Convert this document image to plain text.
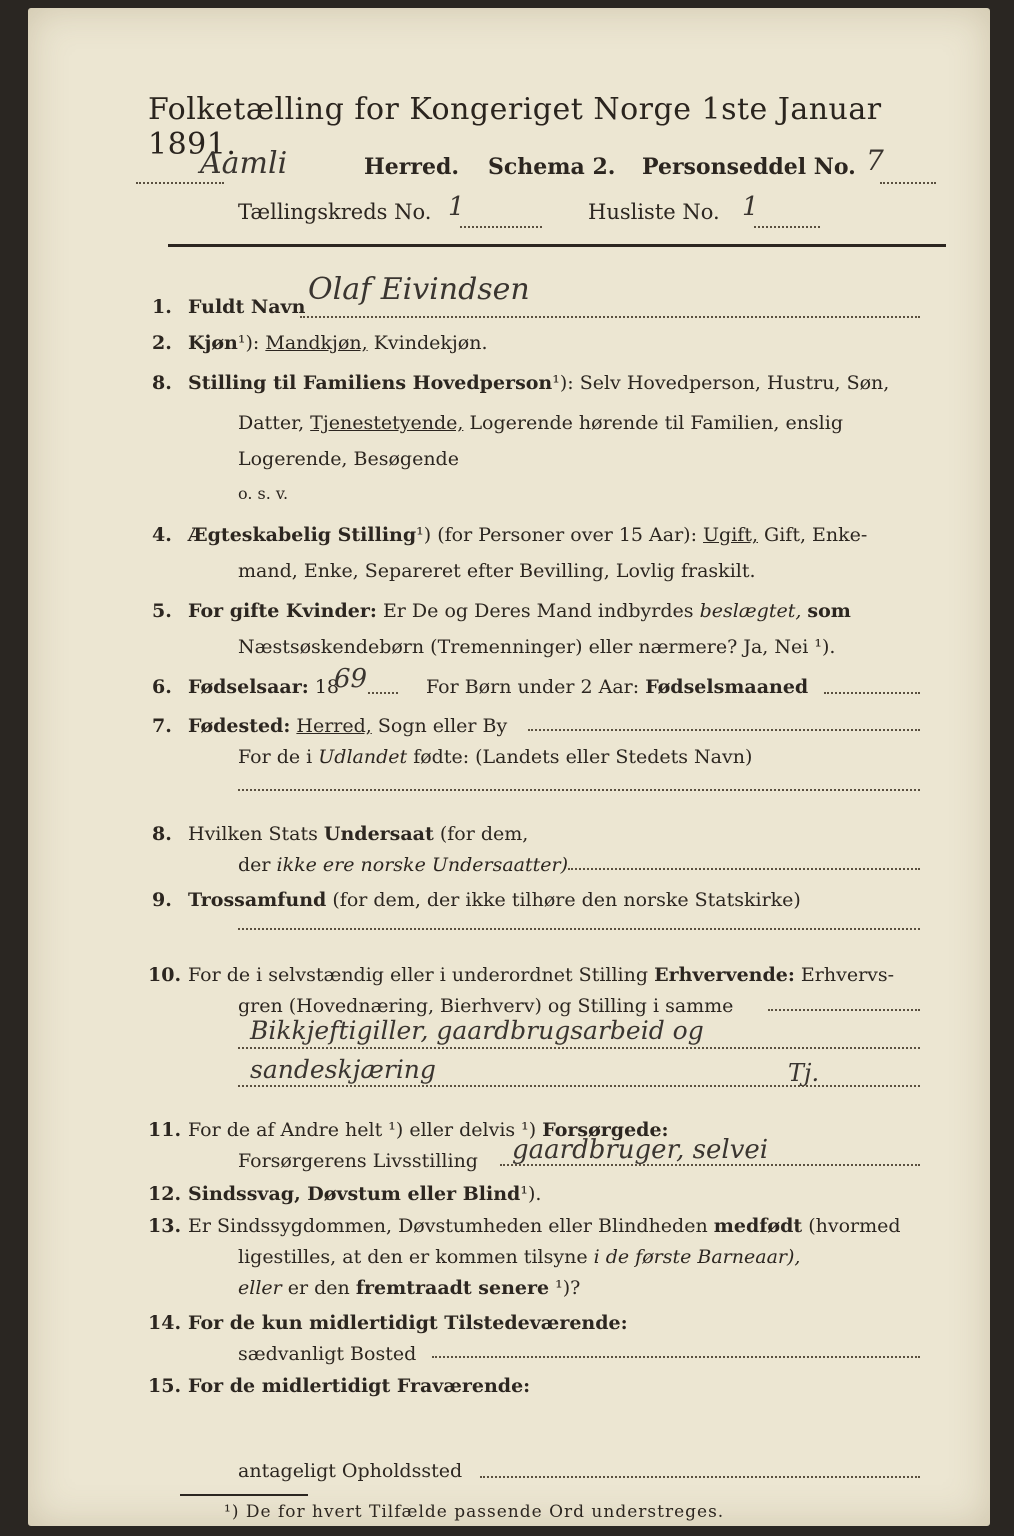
Folketælling for Kongeriget Norge 1ste Januar 1891.
Aamli	Herred. Schema 2. Personseddel No. 7
Tællingskreds No. 1	Husliste No. 1
1. Fuldt Navn Olaf Eivindsen
2. Kjøn¹): Mandkjøn, Kvindekjøn.
8. Stilling til Familiens Hovedperson¹): Selv Hovedperson, Hustru, Søn,
Datter, Tjenestetyende, Logerende hørende til Familien, enslig
Logerende, Besøgende
o. s. v.
4. Ægteskabelig Stilling¹) (for Personer over 15 Aar): Ugift, Gift, Enke-
mand, Enke, Separeret efter Bevilling, Lovlig fraskilt.
5. For gifte Kvinder: Er De og Deres Mand indbyrdes beslægtet, som
Næstsøskendebørn (Tremenninger) eller nærmere? Ja, Nei ¹).
6. Fødselsaar: 18
69	For Børn under 2 Aar: Fødselsmaaned
7. Fødested: Herred, Sogn eller By
For de i Udlandet fødte: (Landets eller Stedets Navn)
8. Hvilken Stats Undersaat (for dem,
der ikke ere norske Undersaatter)
9. Trossamfund (for dem, der ikke tilhøre den norske Statskirke)
10. For de i selvstændig eller i underordnet Stilling Erhvervende: Erhvervs-
gren (Hovednæring, Bierhverv) og Stilling i samme
Bikkjeftigiller, gaardbrugsarbeid og
sandeskjæring	Tj.
11. For de af Andre helt ¹) eller delvis ¹) Forsørgede:
Forsørgerens Livsstilling gaardbruger, selvei
12. Sindssvag, Døvstum eller Blind¹).
13. Er Sindssygdommen, Døvstumheden eller Blindheden medfødt (hvormed
ligestilles, at den er kommen tilsyne i de første Barneaar),
eller er den fremtraadt senere ¹)?
14. For de kun midlertidigt Tilstedeværende:
sædvanligt Bosted
15. For de midlertidigt Fraværende:
antageligt Opholdssted
¹) De for hvert Tilfælde passende Ord understreges.
